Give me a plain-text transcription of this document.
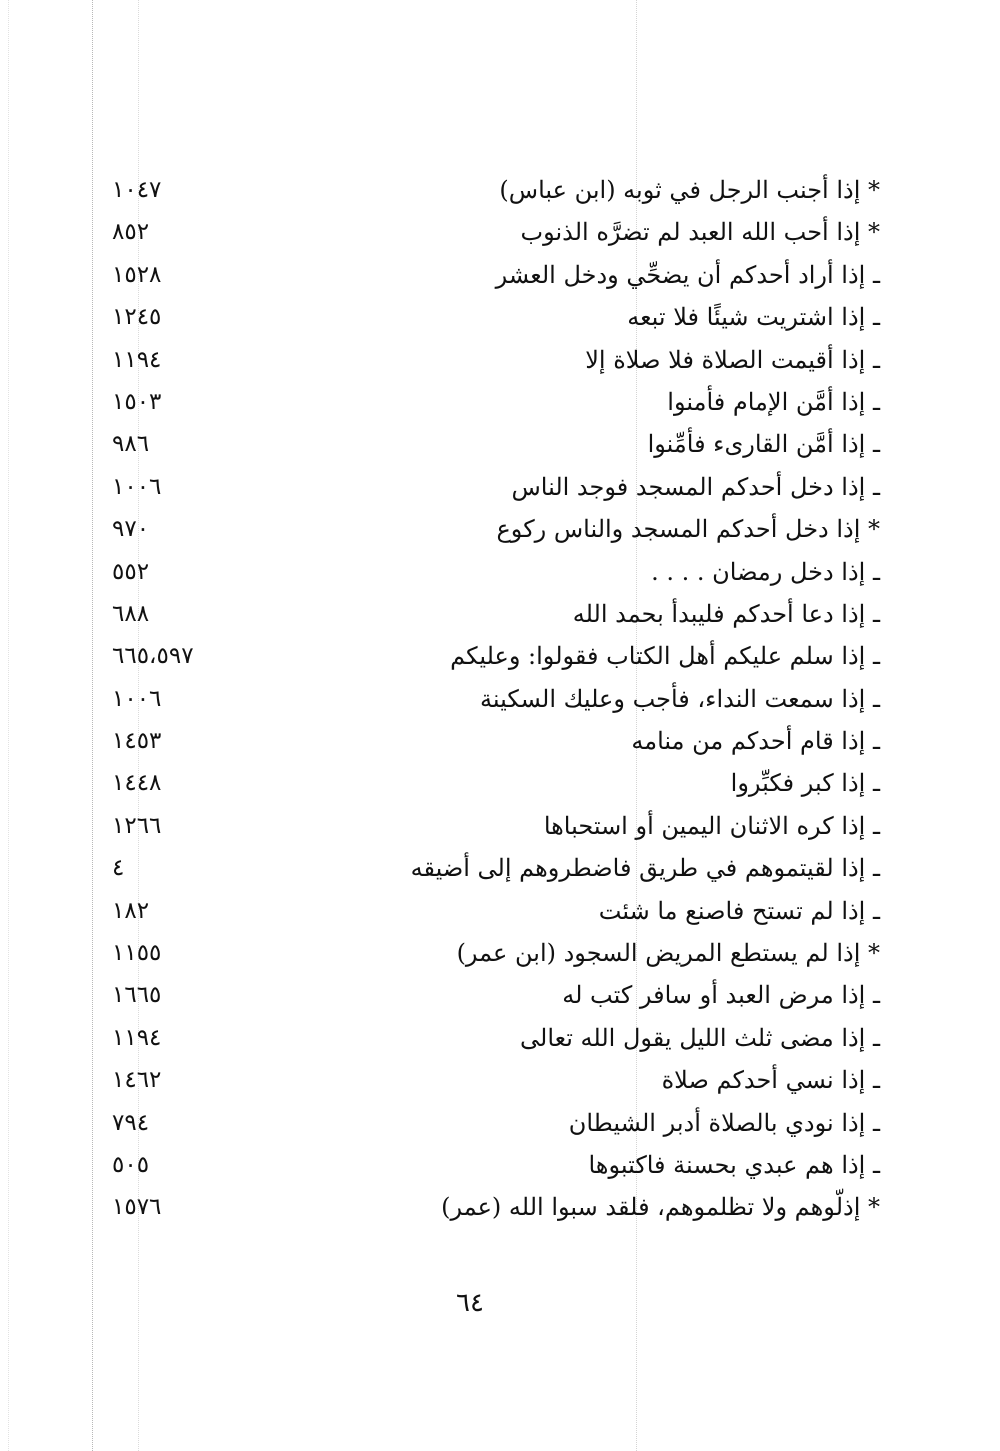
* إذا أجنب الرجل في ثوبه (ابن عباس)
١٠٤٧
* إذا أحب الله العبد لم تضرَّه الذنوب
٨٥٢
ـ إذا أراد أحدكم أن يضحِّي ودخل العشر
١٥٢٨
ـ إذا اشتريت شيئًا فلا تبعه
١٢٤٥
ـ إذا أقيمت الصلاة فلا صلاة إلا
١١٩٤
ـ إذا أمَّن الإمام فأمنوا
١٥٠٣
ـ إذا أمَّن القارىء فأمِّنوا
٩٨٦
ـ إذا دخل أحدكم المسجد فوجد الناس
١٠٠٦
* إذا دخل أحدكم المسجد والناس ركوع
٩٧٠
ـ إذا دخل رمضان . . . .
٥٥٢
ـ إذا دعا أحدكم فليبدأ بحمد الله
٦٨٨
ـ إذا سلم عليكم أهل الكتاب فقولوا: وعليكم
٦٦٥،٥٩٧
ـ إذا سمعت النداء، فأجب وعليك السكينة
١٠٠٦
ـ إذا قام أحدكم من منامه
١٤٥٣
ـ إذا كبر فكبِّروا
١٤٤٨
ـ إذا كره الاثنان اليمين أو استحباها
١٢٦٦
ـ إذا لقيتموهم في طريق فاضطروهم إلى أضيقه
٤
ـ إذا لم تستح فاصنع ما شئت
١٨٢
* إذا لم يستطع المريض السجود (ابن عمر)
١١٥٥
ـ إذا مرض العبد أو سافر كتب له
١٦٦٥
ـ إذا مضى ثلث الليل يقول الله تعالى
١١٩٤
ـ إذا نسي أحدكم صلاة
١٤٦٢
ـ إذا نودي بالصلاة أدبر الشيطان
٧٩٤
ـ إذا هم عبدي بحسنة فاكتبوها
٥٠٥
* إذلّوهم ولا تظلموهم، فلقد سبوا الله (عمر)
١٥٧٦
٦٤
